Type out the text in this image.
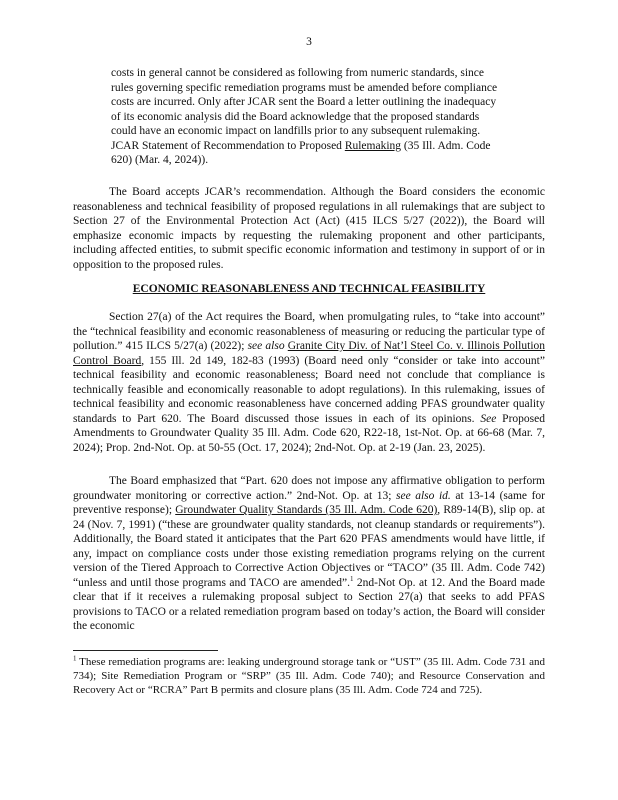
3
costs in general cannot be considered as following from numeric standards, since rules governing specific remediation programs must be amended before compliance costs are incurred. Only after JCAR sent the Board a letter outlining the inadequacy of its economic analysis did the Board acknowledge that the proposed standards could have an economic impact on landfills prior to any subsequent rulemaking. JCAR Statement of Recommendation to Proposed Rulemaking (35 Ill. Adm. Code 620) (Mar. 4, 2024)).
The Board accepts JCAR’s recommendation. Although the Board considers the economic reasonableness and technical feasibility of proposed regulations in all rulemakings that are subject to Section 27 of the Environmental Protection Act (Act) (415 ILCS 5/27 (2022)), the Board will emphasize economic impacts by requesting the rulemaking proponent and other participants, including affected entities, to submit specific economic information and testimony in support of or in opposition to the proposed rules.
ECONOMIC REASONABLENESS AND TECHNICAL FEASIBILITY
Section 27(a) of the Act requires the Board, when promulgating rules, to “take into account” the “technical feasibility and economic reasonableness of measuring or reducing the particular type of pollution.” 415 ILCS 5/27(a) (2022); see also Granite City Div. of Nat’l Steel Co. v. Illinois Pollution Control Board, 155 Ill. 2d 149, 182-83 (1993) (Board need only “consider or take into account” technical feasibility and economic reasonableness; Board need not conclude that compliance is technically feasible and economically reasonable to adopt regulations). In this rulemaking, issues of technical feasibility and economic reasonableness have concerned adding PFAS groundwater quality standards to Part 620. The Board discussed those issues in each of its opinions. See Proposed Amendments to Groundwater Quality 35 Ill. Adm. Code 620, R22-18, 1st-Not. Op. at 66-68 (Mar. 7, 2024); Prop. 2nd-Not. Op. at 50-55 (Oct. 17, 2024); 2nd-Not. Op. at 2-19 (Jan. 23, 2025).
The Board emphasized that “Part. 620 does not impose any affirmative obligation to perform groundwater monitoring or corrective action.” 2nd-Not. Op. at 13; see also id. at 13-14 (same for preventive response); Groundwater Quality Standards (35 Ill. Adm. Code 620), R89-14(B), slip op. at 24 (Nov. 7, 1991) (“these are groundwater quality standards, not cleanup standards or requirements”). Additionally, the Board stated it anticipates that the Part 620 PFAS amendments would have little, if any, impact on compliance costs under those existing remediation programs relying on the current version of the Tiered Approach to Corrective Action Objectives or “TACO” (35 Ill. Adm. Code 742) “unless and until those programs and TACO are amended”.$^1$ 2nd-Not Op. at 12. And the Board made clear that if it receives a rulemaking proposal subject to Section 27(a) that seeks to add PFAS provisions to TACO or a related remediation program based on today’s action, the Board will consider the economic
$^1$ These remediation programs are: leaking underground storage tank or “UST” (35 Ill. Adm. Code 731 and 734); Site Remediation Program or “SRP” (35 Ill. Adm. Code 740); and Resource Conservation and Recovery Act or “RCRA” Part B permits and closure plans (35 Ill. Adm. Code 724 and 725).
